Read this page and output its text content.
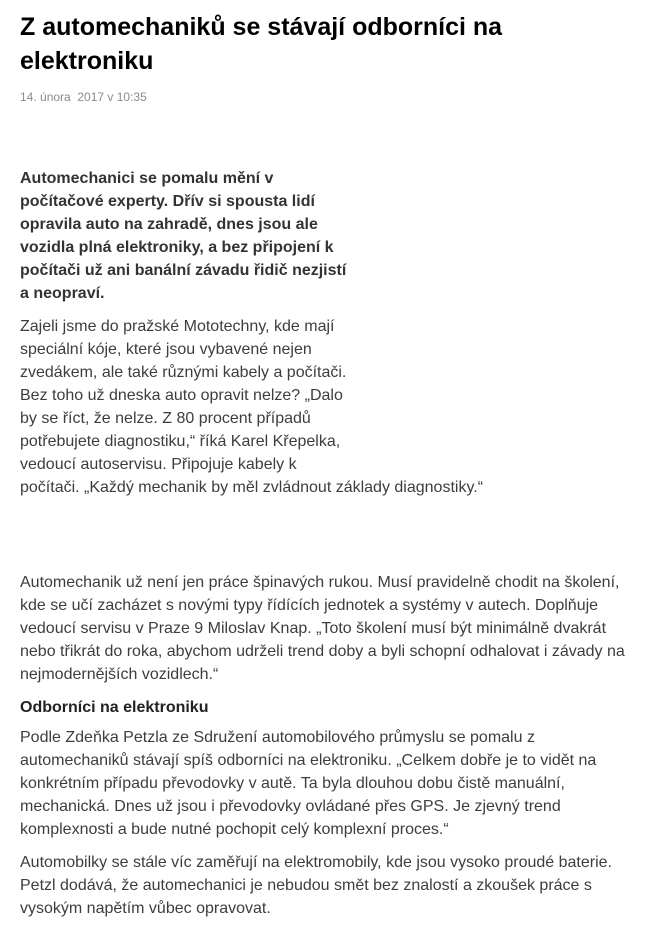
Z automechaniků se stávají odborníci na elektroniku
14. února  2017 v 10:35

Automechanici se pomalu mění v počítačové experty. Dřív si spousta lidí opravila auto na zahradě, dnes jsou ale vozidla plná elektroniky, a bez připojení k počítači už ani banální závadu řidič nezjistí a neopraví.

Zajeli jsme do pražské Mototechny, kde mají speciální kóje, které jsou vybavené nejen zvedákem, ale také různými kabely a počítači. Bez toho už dneska auto opravit nelze? „Dalo by se říct, že nelze. Z 80 procent případů potřebujete diagnostiku,“ říká Karel Křepelka, vedoucí autoservisu. Připojuje kabely k počítači. „Každý mechanik by měl zvládnout základy diagnostiky.“

Automechanik už není jen práce špinavých rukou. Musí pravidelně chodit na školení, kde se učí zacházet s novými typy řídících jednotek a systémy v autech. Doplňuje vedoucí servisu v Praze 9 Miloslav Knap. „Toto školení musí být minimálně dvakrát nebo třikrát do roka, abychom udrželi trend doby a byli schopní odhalovat i závady na nejmodernějších vozidlech.“

Odborníci na elektroniku

Podle Zdeňka Petzla ze Sdružení automobilového průmyslu se pomalu z automechaniků stávají spíš odborníci na elektroniku. „Celkem dobře je to vidět na konkrétním případu převodovky v autě. Ta byla dlouhou dobu čistě manuální, mechanická. Dnes už jsou i převodovky ovládané přes GPS. Je zjevný trend komplexnosti a bude nutné pochopit celý komplexní proces.“

Automobilky se stále víc zaměřují na elektromobily, kde jsou vysoko proudé baterie. Petzl dodává, že automechanici je nebudou smět bez znalostí a zkoušek práce s vysokým napětím vůbec opravovat.
